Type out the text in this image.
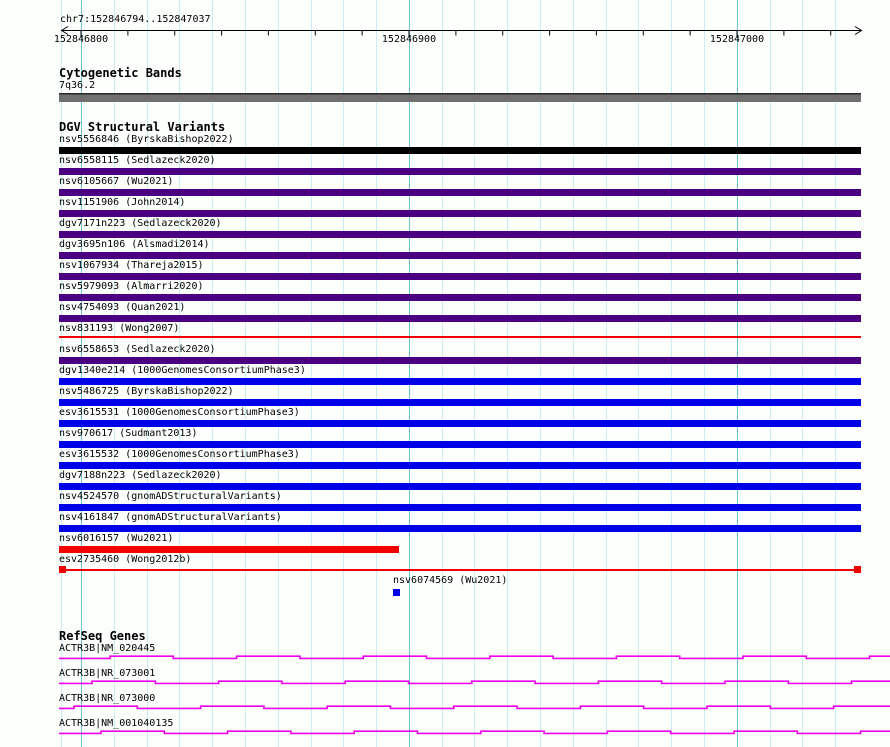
chr7:152846794..152847037
152846800	152846900	152847000
Cytogenetic Bands
7q36.2
DGV Structural Variants
nsv5556846 (ByrskaBishop2022)
nsv6558115 (Sedlazeck2020)
nsv6105667 (Wu2021)
nsv1151906 (John2014)
dgv7171n223 (Sedlazeck2020)
dgv3695n106 (Alsmadi2014)
nsv1067934 (Thareja2015)
nsv5979093 (Almarri2020)
nsv4754093 (Quan2021)
nsv831193 (Wong2007)
nsv6558653 (Sedlazeck2020)
dgv1340e214 (1000GenomesConsortiumPhase3)
nsv5486725 (ByrskaBishop2022)
esv3615531 (1000GenomesConsortiumPhase3)
nsv970617 (Sudmant2013)
esv3615532 (1000GenomesConsortiumPhase3)
dgv7188n223 (Sedlazeck2020)
nsv4524570 (gnomADStructuralVariants)
nsv4161847 (gnomADStructuralVariants)
nsv6016157 (Wu2021)
esv2735460 (Wong2012b)
nsv6074569 (Wu2021)
RefSeq Genes
ACTR3B|NM_020445
ACTR3B|NR_073001
ACTR3B|NR_073000
ACTR3B|NM_001040135
